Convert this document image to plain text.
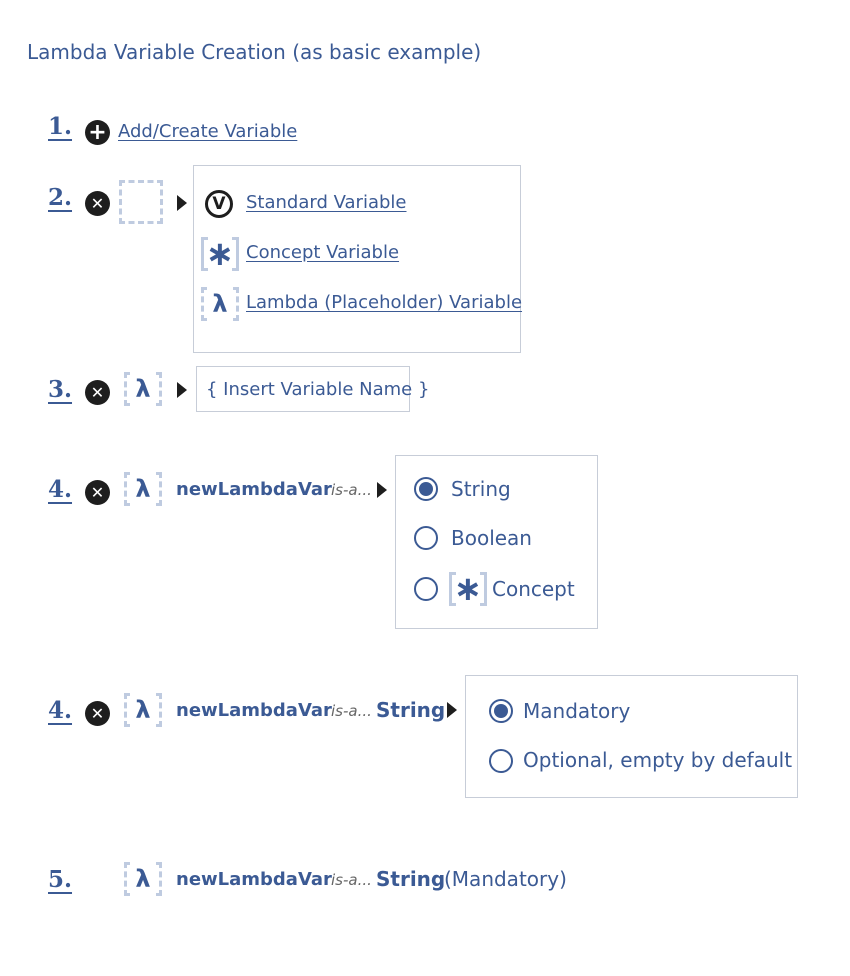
Lambda Variable Creation (as basic example)
1. + Add/Create Variable
2. ✕	V	Standard Variable
∗ Concept Variable
λ Lambda (Placeholder) Variable
3. ✕ λ	{ Insert Variable Name }
4. ✕ λ newLambdaVar is-a...	String
Boolean
∗ Concept
4. ✕ λ newLambdaVar is-a... String	Mandatory
Optional, empty by default
5.	λ newLambdaVar is-a... String
(Mandatory)
